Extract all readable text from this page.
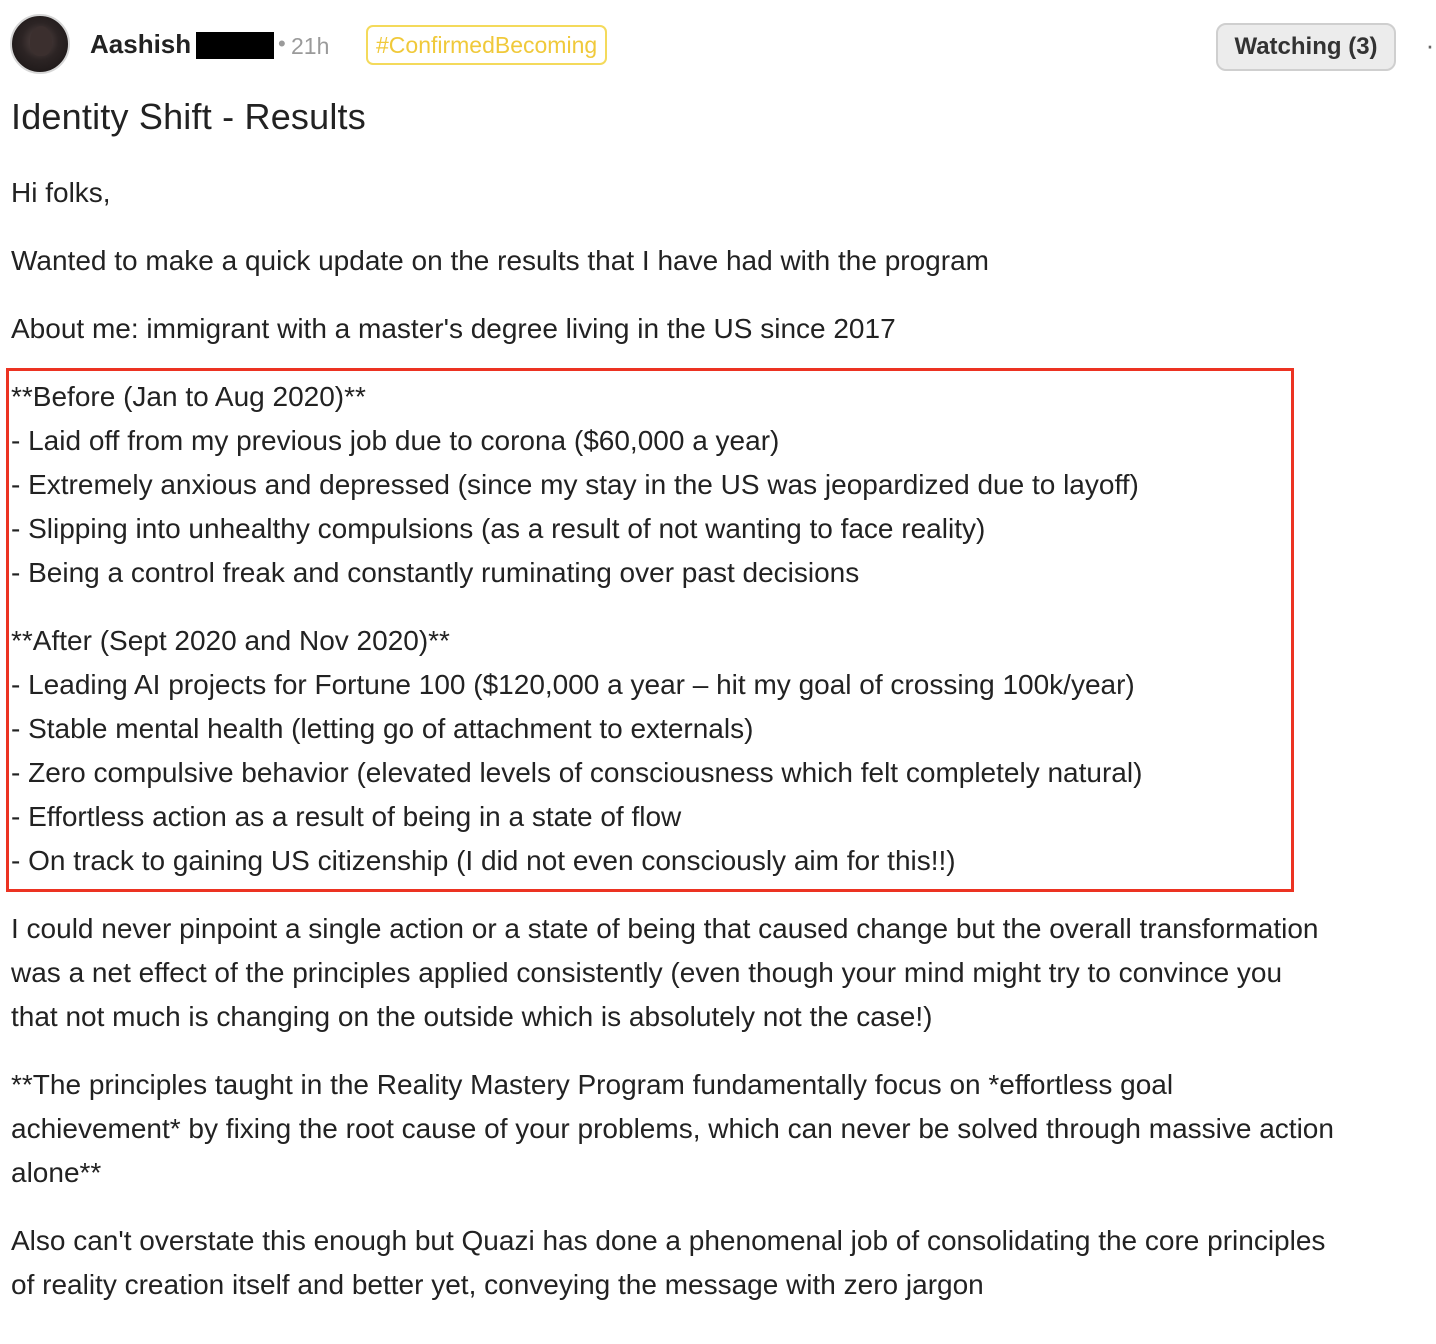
Aashish	• 21h	#ConfirmedBecoming	Watching (3)	·
Identity Shift - Results
Hi folks,
Wanted to make a quick update on the results that I have had with the program
About me: immigrant with a master's degree living in the US since 2017
**Before (Jan to Aug 2020)**
- Laid off from my previous job due to corona ($60,000 a year)
- Extremely anxious and depressed (since my stay in the US was jeopardized due to layoff)
- Slipping into unhealthy compulsions (as a result of not wanting to face reality)
- Being a control freak and constantly ruminating over past decisions
**After (Sept 2020 and Nov 2020)**
- Leading AI projects for Fortune 100 ($120,000 a year – hit my goal of crossing 100k/year)
- Stable mental health (letting go of attachment to externals)
- Zero compulsive behavior (elevated levels of consciousness which felt completely natural)
- Effortless action as a result of being in a state of flow
- On track to gaining US citizenship (I did not even consciously aim for this!!)
I could never pinpoint a single action or a state of being that caused change but the overall transformation
was a net effect of the principles applied consistently (even though your mind might try to convince you
that not much is changing on the outside which is absolutely not the case!)
**The principles taught in the Reality Mastery Program fundamentally focus on *effortless goal
achievement* by fixing the root cause of your problems, which can never be solved through massive action
alone**
Also can't overstate this enough but Quazi has done a phenomenal job of consolidating the core principles
of reality creation itself and better yet, conveying the message with zero jargon
